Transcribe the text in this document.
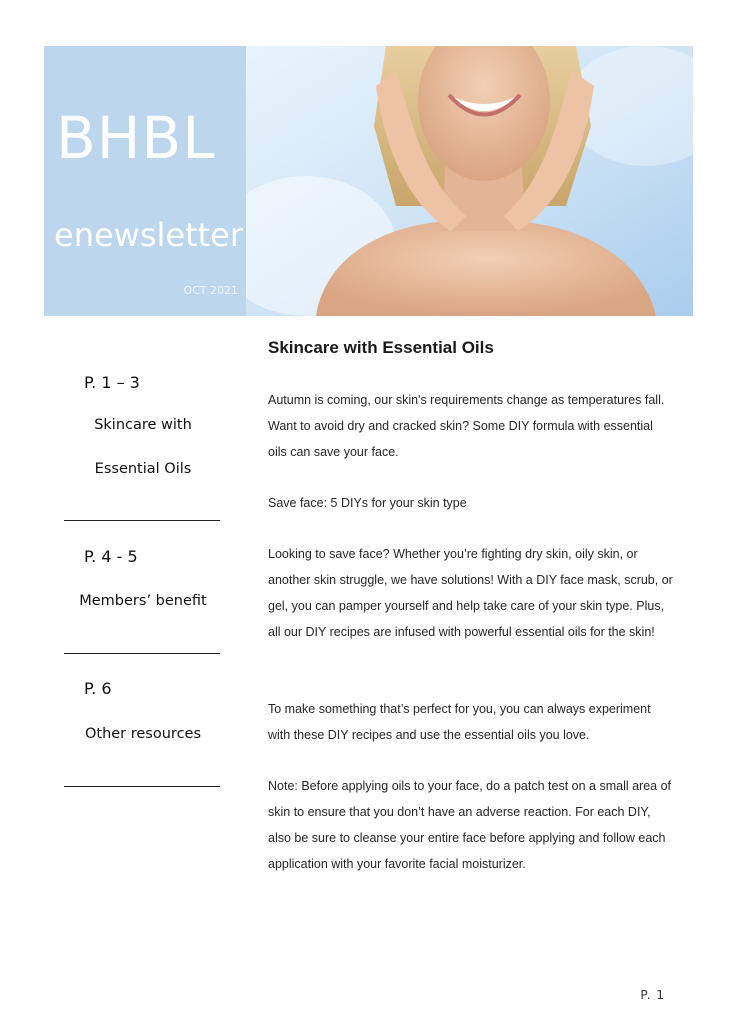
BHBL
enewsletter
OCT 2021
P. 1 – 3
Skincare with
Essential Oils
P. 4 - 5
Members’ benefit
P. 6
Other resources
Skincare with Essential Oils

Autumn is coming, our skin's requirements change as temperatures fall. Want to avoid dry and cracked skin? Some DIY formula with essential oils can save your face.

Save face: 5 DIYs for your skin type

Looking to save face? Whether you’re fighting dry skin, oily skin, or another skin struggle, we have solutions! With a DIY face mask, scrub, or gel, you can pamper yourself and help take care of your skin type. Plus, all our DIY recipes are infused with powerful essential oils for the skin!

To make something that’s perfect for you, you can always experiment with these DIY recipes and use the essential oils you love.

Note: Before applying oils to your face, do a patch test on a small area of skin to ensure that you don’t have an adverse reaction. For each DIY, also be sure to cleanse your entire face before applying and follow each application with your favorite facial moisturizer.

P. 1
